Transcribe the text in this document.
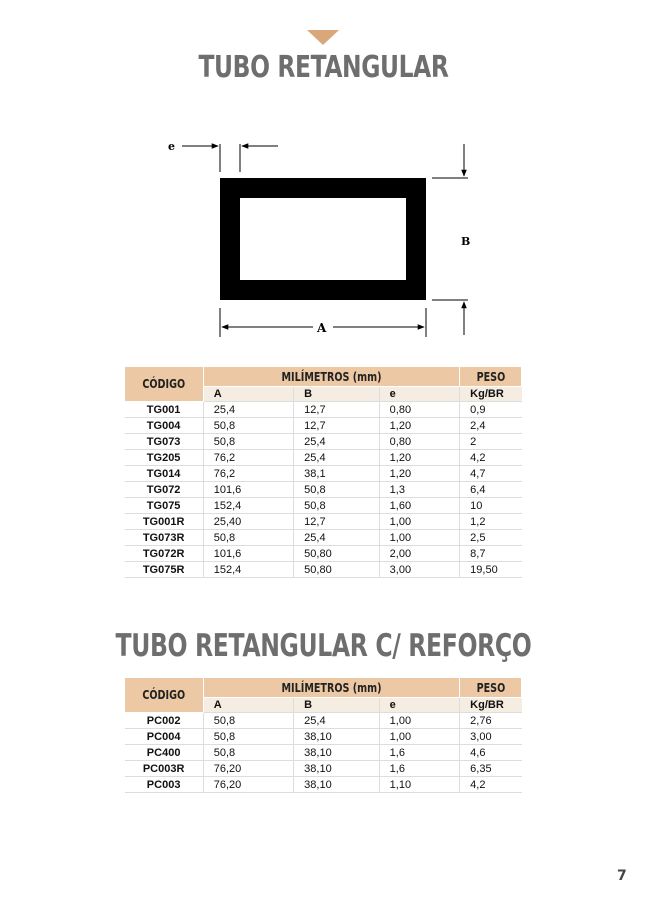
TUBO RETANGULAR
e
A
B
CÓDIGO	MILÍMETROS (mm)			PESO
	A	B	e	Kg/BR
TG001	25,4	12,7	0,80	0,9
TG004	50,8	12,7	1,20	2,4
TG073	50,8	25,4	0,80	2
TG205	76,2	25,4	1,20	4,2
TG014	76,2	38,1	1,20	4,7
TG072	101,6	50,8	1,3	6,4
TG075	152,4	50,8	1,60	10
TG001R	25,40	12,7	1,00	1,2
TG073R	50,8	25,4	1,00	2,5
TG072R	101,6	50,80	2,00	8,7
TG075R	152,4	50,80	3,00	19,50
TUBO RETANGULAR C/ REFORÇO
CÓDIGO	MILÍMETROS (mm)			PESO
	A	B	e	Kg/BR
PC002	50,8	25,4	1,00	2,76
PC004	50,8	38,10	1,00	3,00
PC400	50,8	38,10	1,6	4,6
PC003R	76,20	38,10	1,6	6,35
PC003	76,20	38,10	1,10	4,2
7
